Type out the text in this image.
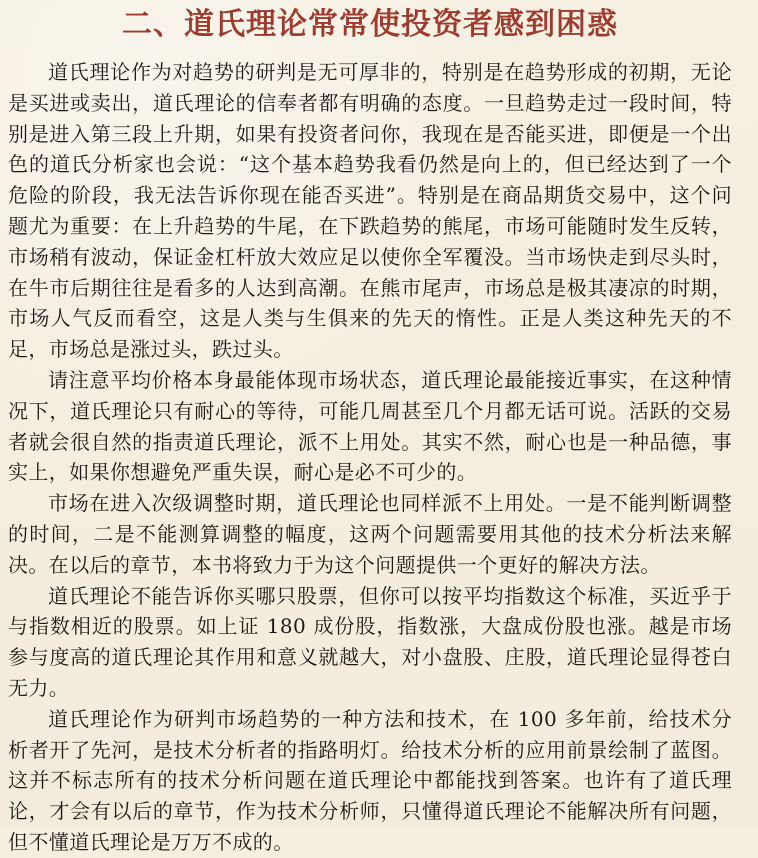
二、道氏理论常常使投资者感到困惑

道氏理论作为对趋势的研判是无可厚非的，特别是在趋势形成的初期，无论是买进或卖出，道氏理论的信奉者都有明确的态度。一旦趋势走过一段时间，特别是进入第三段上升期，如果有投资者问你，我现在是否能买进，即便是一个出色的道氏分析家也会说：“这个基本趋势我看仍然是向上的，但已经达到了一个危险的阶段，我无法告诉你现在能否买进”。特别是在商品期货交易中，这个问题尤为重要：在上升趋势的牛尾，在下跌趋势的熊尾，市场可能随时发生反转，市场稍有波动，保证金杠杆放大效应足以使你全军覆没。当市场快走到尽头时，在牛市后期往往是看多的人达到高潮。在熊市尾声，市场总是极其凄凉的时期，市场人气反而看空，这是人类与生俱来的先天的惰性。正是人类这种先天的不足，市场总是涨过头，跌过头。

请注意平均价格本身最能体现市场状态，道氏理论最能接近事实，在这种情况下，道氏理论只有耐心的等待，可能几周甚至几个月都无话可说。活跃的交易者就会很自然的指责道氏理论，派不上用处。其实不然，耐心也是一种品德，事实上，如果你想避免严重失误，耐心是必不可少的。

市场在进入次级调整时期，道氏理论也同样派不上用处。一是不能判断调整的时间，二是不能测算调整的幅度，这两个问题需要用其他的技术分析法来解决。在以后的章节，本书将致力于为这个问题提供一个更好的解决方法。

道氏理论不能告诉你买哪只股票，但你可以按平均指数这个标准，买近乎于与指数相近的股票。如上证 180 成份股，指数涨，大盘成份股也涨。越是市场参与度高的道氏理论其作用和意义就越大，对小盘股、庄股，道氏理论显得苍白无力。

道氏理论作为研判市场趋势的一种方法和技术，在 100 多年前，给技术分析者开了先河，是技术分析者的指路明灯。给技术分析的应用前景绘制了蓝图。这并不标志所有的技术分析问题在道氏理论中都能找到答案。也许有了道氏理论，才会有以后的章节，作为技术分析师，只懂得道氏理论不能解决所有问题，但不懂道氏理论是万万不成的。
